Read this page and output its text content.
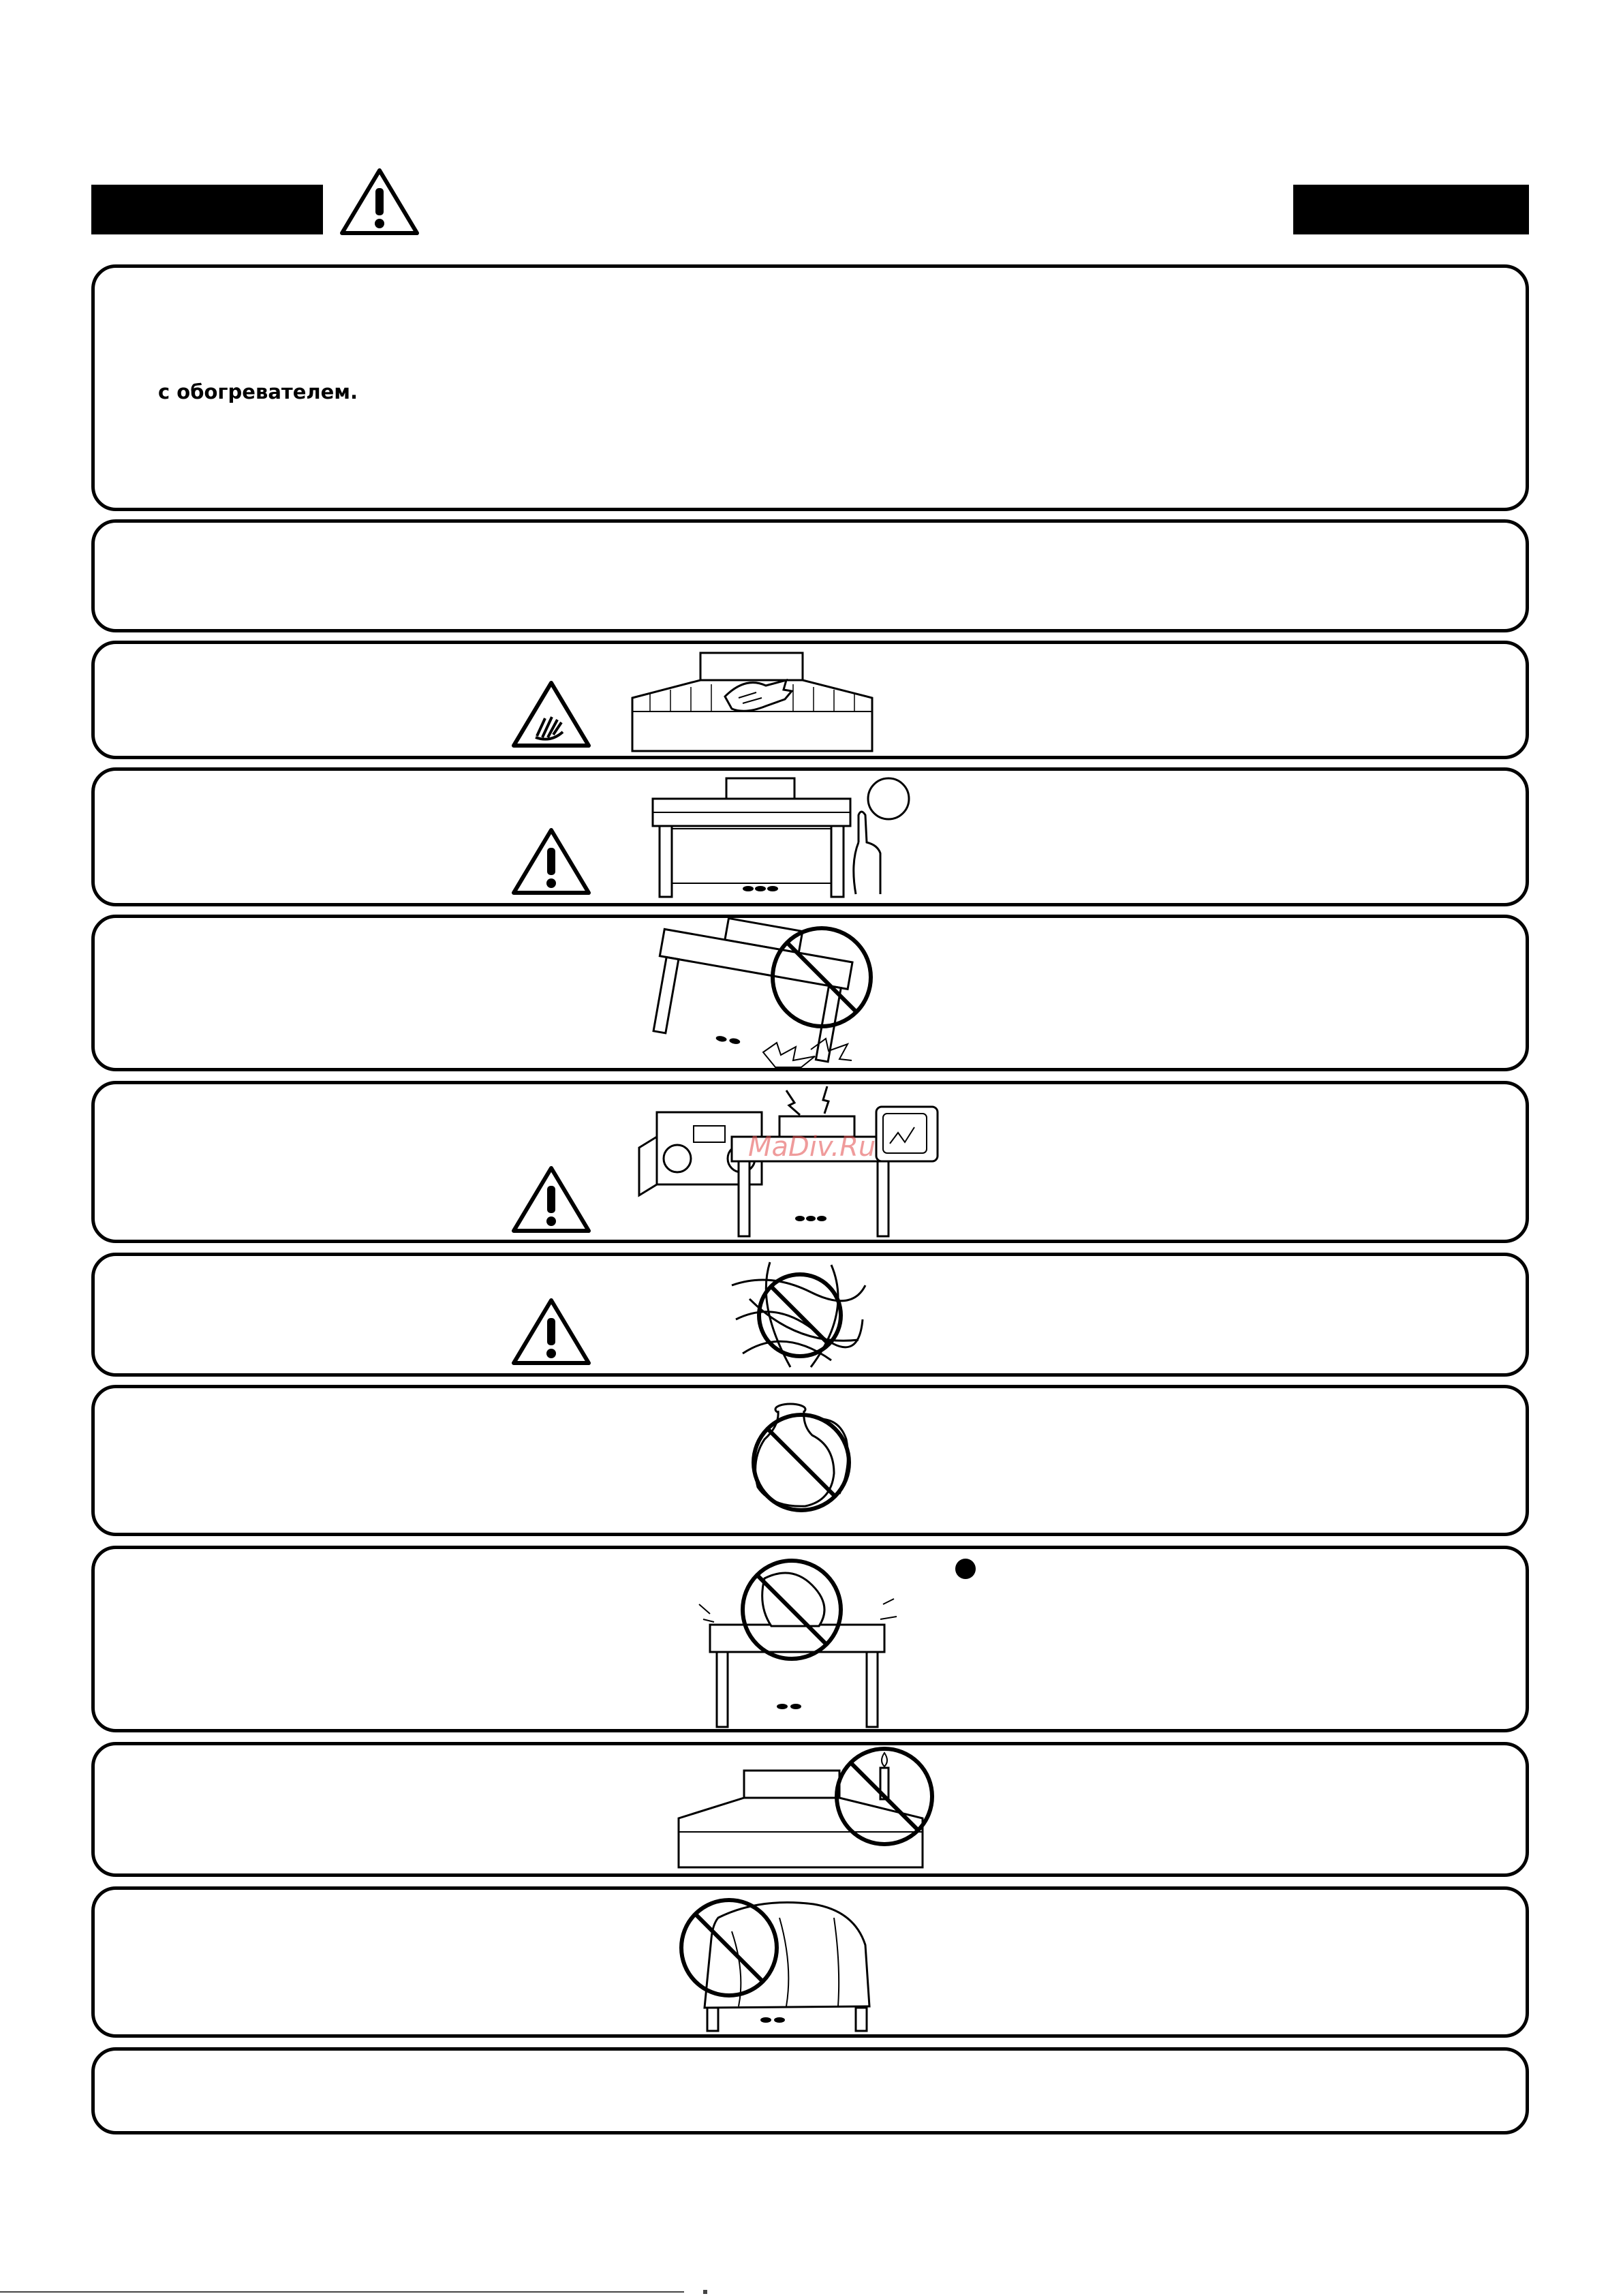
с обогревателем.

MaDiv.Ru
